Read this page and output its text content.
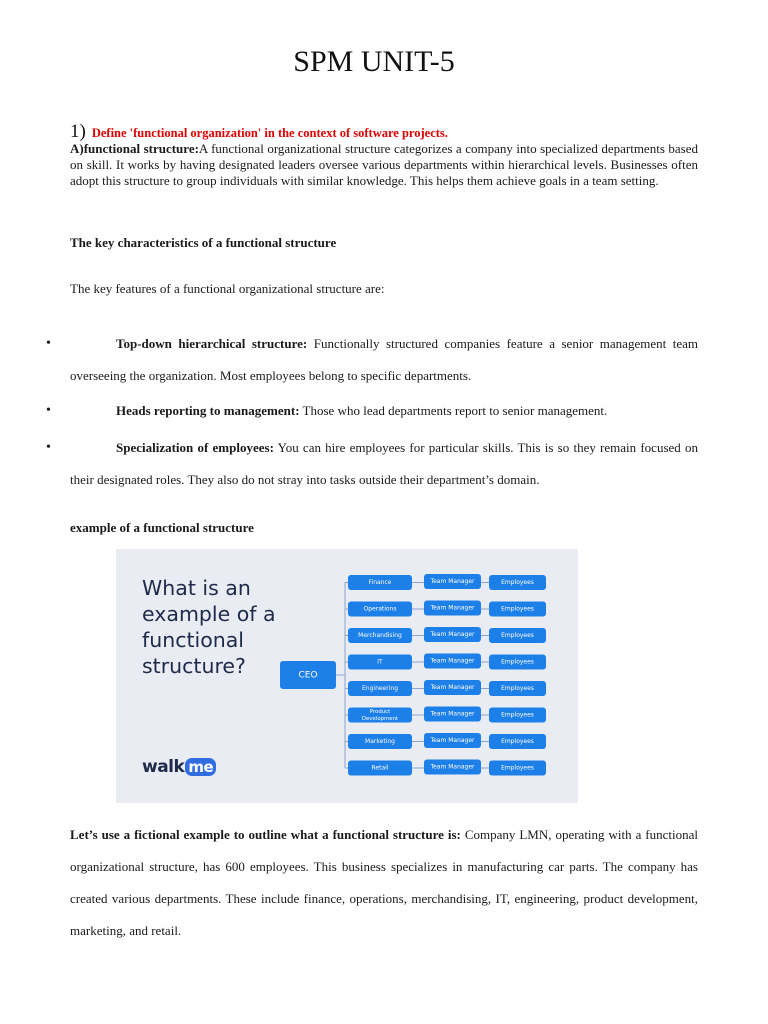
SPM UNIT-5
1) Define 'functional organization' in the context of software projects.
A)functional structure:A functional organizational structure categorizes a company into specialized departments based on skill. It works by having designated leaders oversee various departments within hierarchical levels. Businesses often adopt this structure to group individuals with similar knowledge. This helps them achieve goals in a team setting.
The key characteristics of a functional structure
The key features of a functional organizational structure are:
•	Top-down hierarchical structure: Functionally structured companies feature a senior management team overseeing the organization. Most employees belong to specific departments.
•	Heads reporting to management: Those who lead departments report to senior management.
•	Specialization of employees: You can hire employees for particular skills. This is so they remain focused on their designated roles. They also do not stray into tasks outside their department’s domain.
example of a functional structure
What is an
example of a
functional
structure?
Finance	Team Manager	Employees
Operations	Team Manager	Employees
Merchandising	Team Manager	Employees
IT	Team Manager	Employees
Engineering	Team Manager	Employees
Product
Development
Team Manager	Employees
Marketing	Team Manager	Employees
Retail	Team Manager	Employees
CEO
walk me
Let’s use a fictional example to outline what a functional structure is: Company LMN, operating with a functional organizational structure, has 600 employees. This business specializes in manufacturing car parts. The company has created various departments. These include finance, operations, merchandising, IT, engineering, product development, marketing, and retail.
